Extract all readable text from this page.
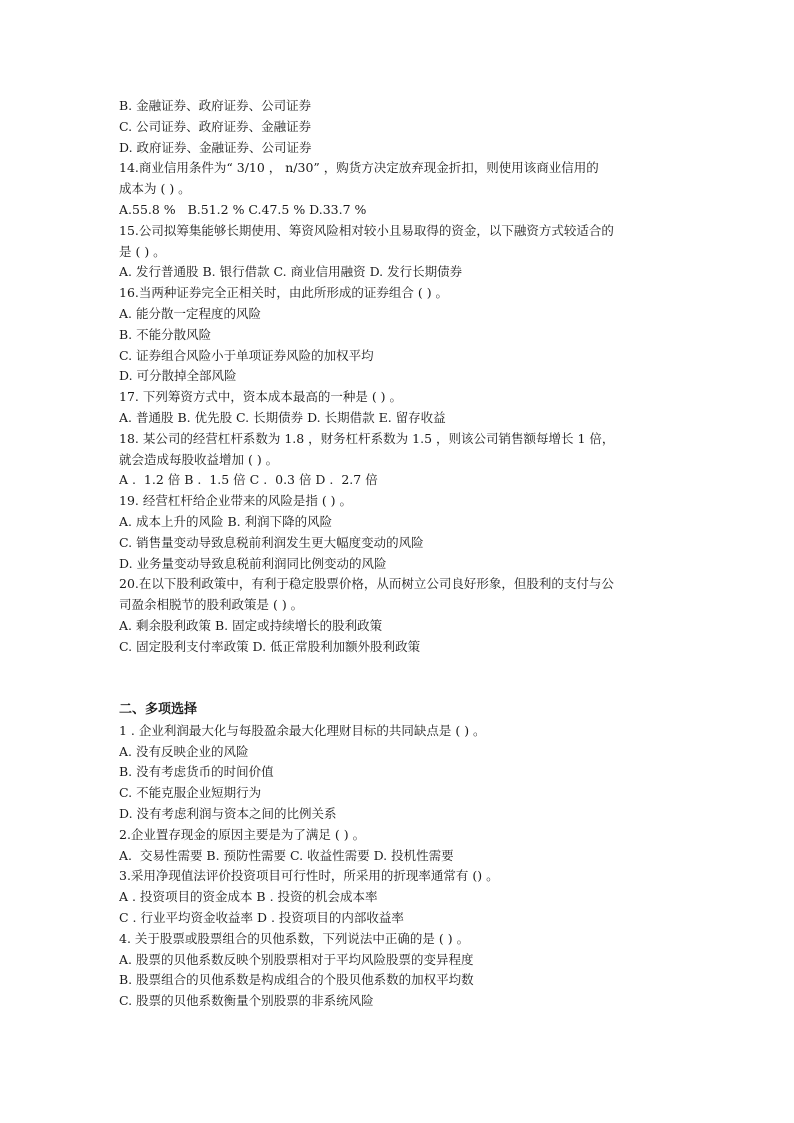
B. 金融证券、政府证券、公司证券
C. 公司证券、政府证券、金融证券
D. 政府证券、金融证券、公司证券
14.商业信用条件为“ 3/10 ， n/30” ，购货方决定放弃现金折扣，则使用该商业信用的
成本为 ( ) 。
A.55.8 %   B.51.2 % C.47.5 % D.33.7 %
15.公司拟筹集能够长期使用、筹资风险相对较小且易取得的资金，以下融资方式较适合的
是 ( ) 。
A. 发行普通股 B. 银行借款 C. 商业信用融资 D. 发行长期债券
16.当两种证券完全正相关时，由此所形成的证券组合 ( ) 。
A. 能分散一定程度的风险
B. 不能分散风险
C. 证券组合风险小于单项证券风险的加权平均
D. 可分散掉全部风险
17. 下列筹资方式中，资本成本最高的一种是 ( ) 。
A. 普通股 B. 优先股 C. 长期债券 D. 长期借款 E. 留存收益
18. 某公司的经营杠杆系数为 1.8 ，财务杠杆系数为 1.5 ，则该公司销售额每增长 1 倍，
就会造成每股收益增加 ( ) 。
A .  1.2 倍 B .  1.5 倍 C .  0.3 倍 D .  2.7 倍
19. 经营杠杆给企业带来的风险是指 ( ) 。
A. 成本上升的风险 B. 利润下降的风险
C. 销售量变动导致息税前利润发生更大幅度变动的风险
D. 业务量变动导致息税前利润同比例变动的风险
20.在以下股利政策中，有利于稳定股票价格，从而树立公司良好形象，但股利的支付与公
司盈余相脱节的股利政策是 ( ) 。
A. 剩余股利政策 B. 固定或持续增长的股利政策
C. 固定股利支付率政策 D. 低正常股利加额外股利政策
二、多项选择
1 . 企业利润最大化与每股盈余最大化理财目标的共同缺点是 ( ) 。
A. 没有反映企业的风险
B. 没有考虑货币的时间价值
C. 不能克服企业短期行为
D. 没有考虑利润与资本之间的比例关系
2.企业置存现金的原因主要是为了满足 ( ) 。
A.  交易性需要 B. 预防性需要 C. 收益性需要 D. 投机性需要
3.采用净现值法评价投资项目可行性时，所采用的折现率通常有 () 。
A . 投资项目的资金成本 B . 投资的机会成本率
C . 行业平均资金收益率 D . 投资项目的内部收益率
4. 关于股票或股票组合的贝他系数，下列说法中正确的是 ( ) 。
A. 股票的贝他系数反映个别股票相对于平均风险股票的变异程度
B. 股票组合的贝他系数是构成组合的个股贝他系数的加权平均数
C. 股票的贝他系数衡量个别股票的非系统风险
